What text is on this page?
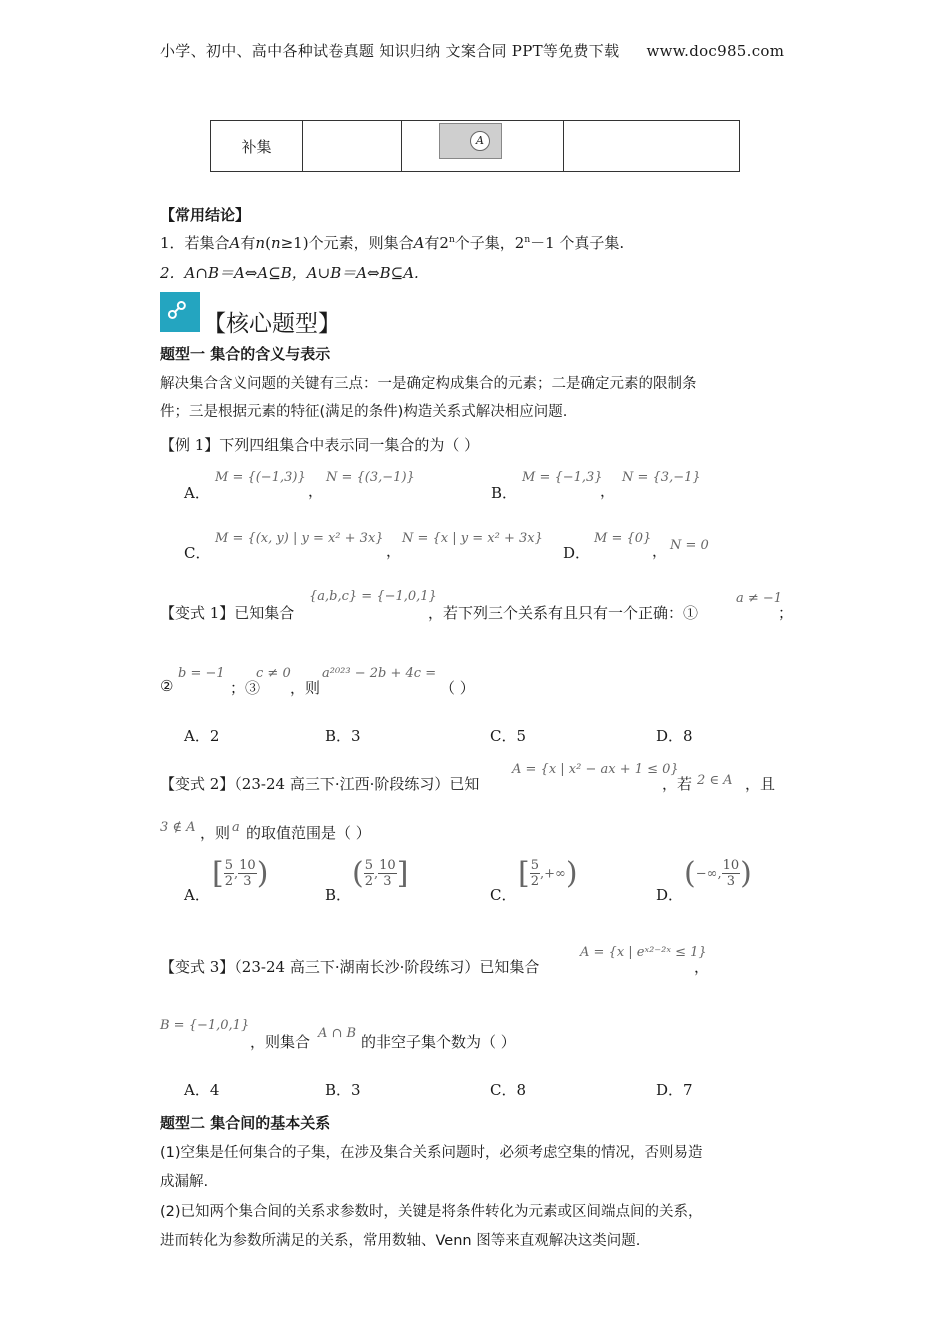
小学、初中、高中各种试卷真题 知识归纳 文案合同 PPT等免费下载 www.doc985.com
补集		A

【常用结论】
1．若集合A有n(n≥1)个元素，则集合A有2$^n$个子集，$2^n-1$ 个真子集.
2．A∩B＝A⇔A⊆B，A∪B＝A⇔B⊆A.
⚯ 【核心题型】
题型一 集合的含义与表示
解决集合含义问题的关键有三点：一是确定构成集合的元素；二是确定元素的限制条
件；三是根据元素的特征(满足的条件)构造关系式解决相应问题.
【例 1】下列四组集合中表示同一集合的为（ ）
A．
M = {(−1,3)}
，
N = {(3,−1)}
B．
M = {−1,3}
，
N = {3,−1}
C．
M = {(x, y) | y = x² + 3x}
，
N = {x | y = x² + 3x}
D．
M = {0}
， N = 0
【变式 1】已知集合
{a,b,c} = {−1,0,1}
，若下列三个关系有且只有一个正确：①
a ≠ −1
；
②
b = −1
；③
c ≠ 0
，则
a²⁰²³ − 2b + 4c =
（ ）
A．2	B．3	C．5	D．8
【变式 2】（23-24 高三下·江西·阶段练习）已知
A = {x | x² − ax + 1 ≤ 0}
，若 2 ∈ A ，且
3 ∉ A ，则 a 的取值范围是（ ）
A．
[ $\frac{5}{2}$ , $\frac{10}{3}$ )
B．
( $\frac{5}{2}$ , $\frac{10}{3}$ ]
C．
[ $\frac{5}{2}$ ,+∞)
D．
(−∞, $\frac{10}{3}$ )
【变式 3】（23-24 高三下·湖南长沙·阶段练习）已知集合
A = {x | eˣ²⁻²ˣ ≤ 1}
，
B = {−1,0,1}
，则集合 A ∩ B 的非空子集个数为（ ）
A．4	B．3	C．8	D．7
题型二 集合间的基本关系
(1)空集是任何集合的子集，在涉及集合关系问题时，必须考虑空集的情况，否则易造
成漏解.
(2)已知两个集合间的关系求参数时，关键是将条件转化为元素或区间端点间的关系，
进而转化为参数所满足的关系，常用数轴、Venn 图等来直观解决这类问题.
